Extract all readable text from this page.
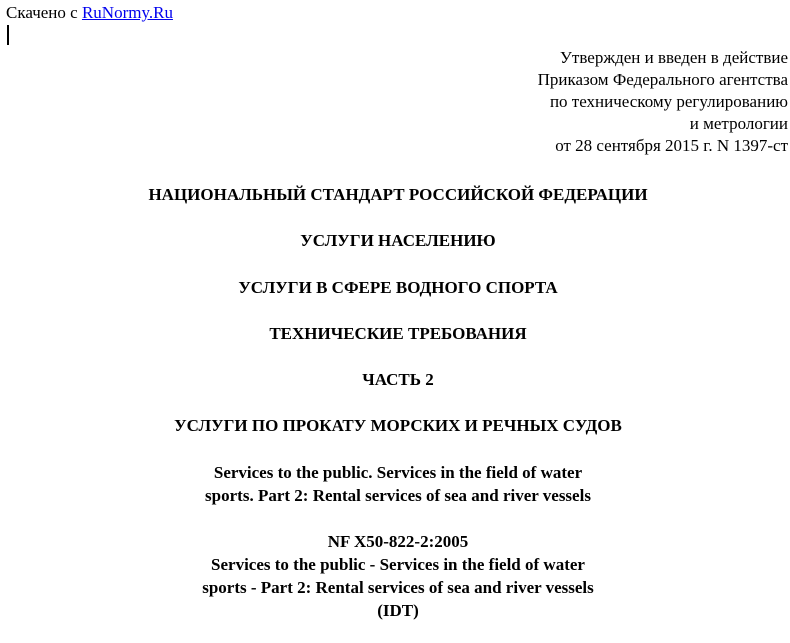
Скачено с RuNormy.Ru
Утвержден и введен в действие
Приказом Федерального агентства
по техническому регулированию
и метрологии
от 28 сентября 2015 г. N 1397-ст
НАЦИОНАЛЬНЫЙ СТАНДАРТ РОССИЙСКОЙ ФЕДЕРАЦИИ
УСЛУГИ НАСЕЛЕНИЮ
УСЛУГИ В СФЕРЕ ВОДНОГО СПОРТА
ТЕХНИЧЕСКИЕ ТРЕБОВАНИЯ
ЧАСТЬ 2
УСЛУГИ ПО ПРОКАТУ МОРСКИХ И РЕЧНЫХ СУДОВ
Services to the public. Services in the field of water
sports. Part 2: Rental services of sea and river vessels
NF X50-822-2:2005
Services to the public - Services in the field of water
sports - Part 2: Rental services of sea and river vessels
(IDT)
